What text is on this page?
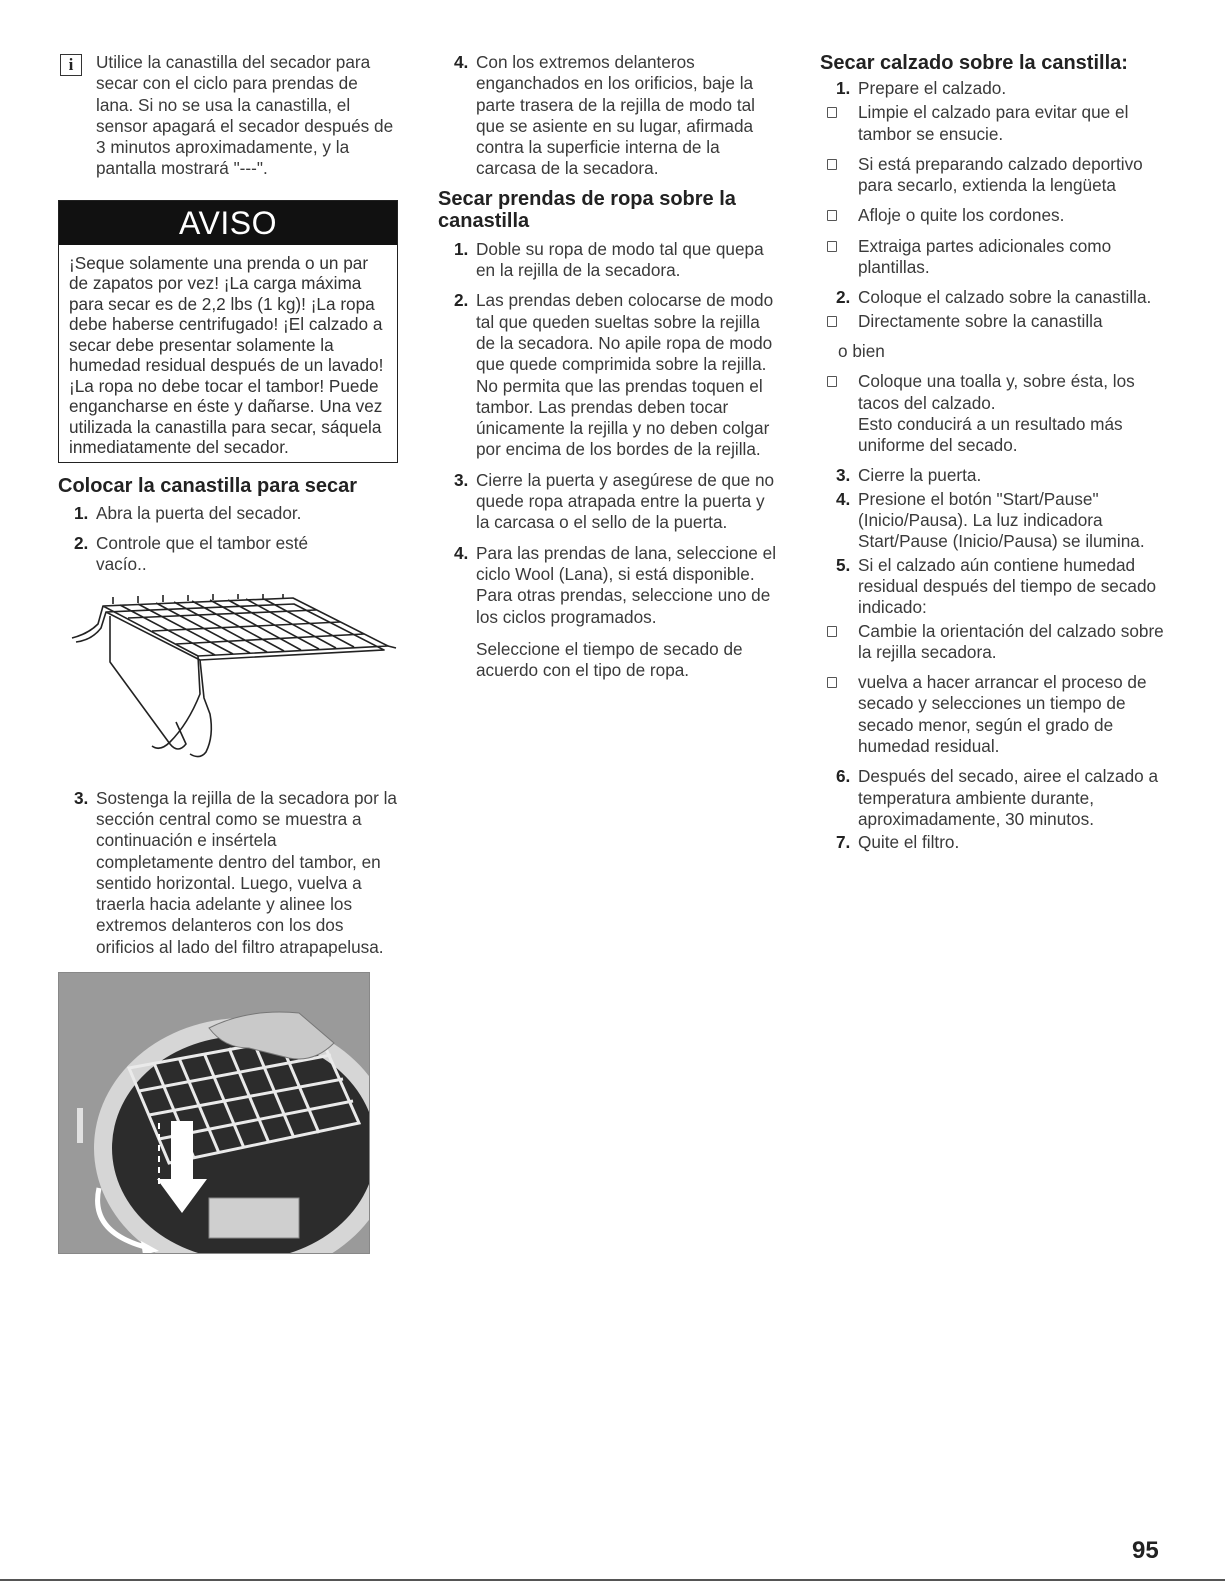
i	Utilice la canastilla del secador para secar con el ciclo para prendas de lana. Si no se usa la canastilla, el sensor apagará el secador después de 3 minutos aproximadamente, y la pantalla mostrará "---".

AVISO
¡Seque solamente una prenda o un par de zapatos por vez! ¡La carga máxima para secar es de 2,2 lbs (1 kg)! ¡La ropa debe haberse centrifugado! ¡El calzado a secar debe presentar solamente la humedad residual después de un lavado! ¡La ropa no debe tocar el tambor! Puede engancharse en éste y dañarse. Una vez utilizada la canastilla para secar, sáquela inmediatamente del secador.
Colocar la canastilla para secar
1. Abra la puerta del secador.
2. Controle que el tambor esté vacío..
3. Sostenga la rejilla de la secadora por la sección central como se muestra a continuación e insértela completamente dentro del tambor, en sentido horizontal. Luego, vuelva a traerla hacia adelante y alinee los extremos delanteros con los dos orificios al lado del filtro atrapapelusa.
4. Con los extremos delanteros enganchados en los orificios, baje la parte trasera de la rejilla de modo tal que se asiente en su lugar, afirmada contra la superficie interna de la carcasa de la secadora.
Secar prendas de ropa sobre la canastilla
1. Doble su ropa de modo tal que quepa en la rejilla de la secadora.
2. Las prendas deben colocarse de modo tal que queden sueltas sobre la rejilla de la secadora. No apile ropa de modo que quede comprimida sobre la rejilla. No permita que las prendas toquen el tambor. Las prendas deben tocar únicamente la rejilla y no deben colgar por encima de los bordes de la rejilla.
3. Cierre la puerta y asegúrese de que no quede ropa atrapada entre la puerta y la carcasa o el sello de la puerta.
4. Para las prendas de lana, seleccione el ciclo Wool (Lana), si está disponible. Para otras prendas, seleccione uno de los ciclos programados.

Seleccione el tiempo de secado de acuerdo con el tipo de ropa.

Secar calzado sobre la canstilla:
1. Prepare el calzado.
Limpie el calzado para evitar que el tambor se ensucie.
Si está preparando calzado deportivo para secarlo, extienda la lengüeta
Afloje o quite los cordones.
Extraiga partes adicionales como plantillas.
2. Coloque el calzado sobre la canastilla.
Directamente sobre la canastilla
o bien
Coloque una toalla y, sobre ésta, los tacos del calzado.
Esto conducirá a un resultado más uniforme del secado.
3. Cierre la puerta.
4. Presione el botón "Start/Pause" (Inicio/Pausa). La luz indicadora Start/Pause (Inicio/Pausa) se ilumina.
5. Si el calzado aún contiene humedad residual después del tiempo de secado indicado:
Cambie la orientación del calzado sobre la rejilla secadora.
vuelva a hacer arrancar el proceso de secado y selecciones un tiempo de secado menor, según el grado de humedad residual.
6. Después del secado, airee el calzado a temperatura ambiente durante, aproximadamente, 30 minutos.
7. Quite el filtro.
95
